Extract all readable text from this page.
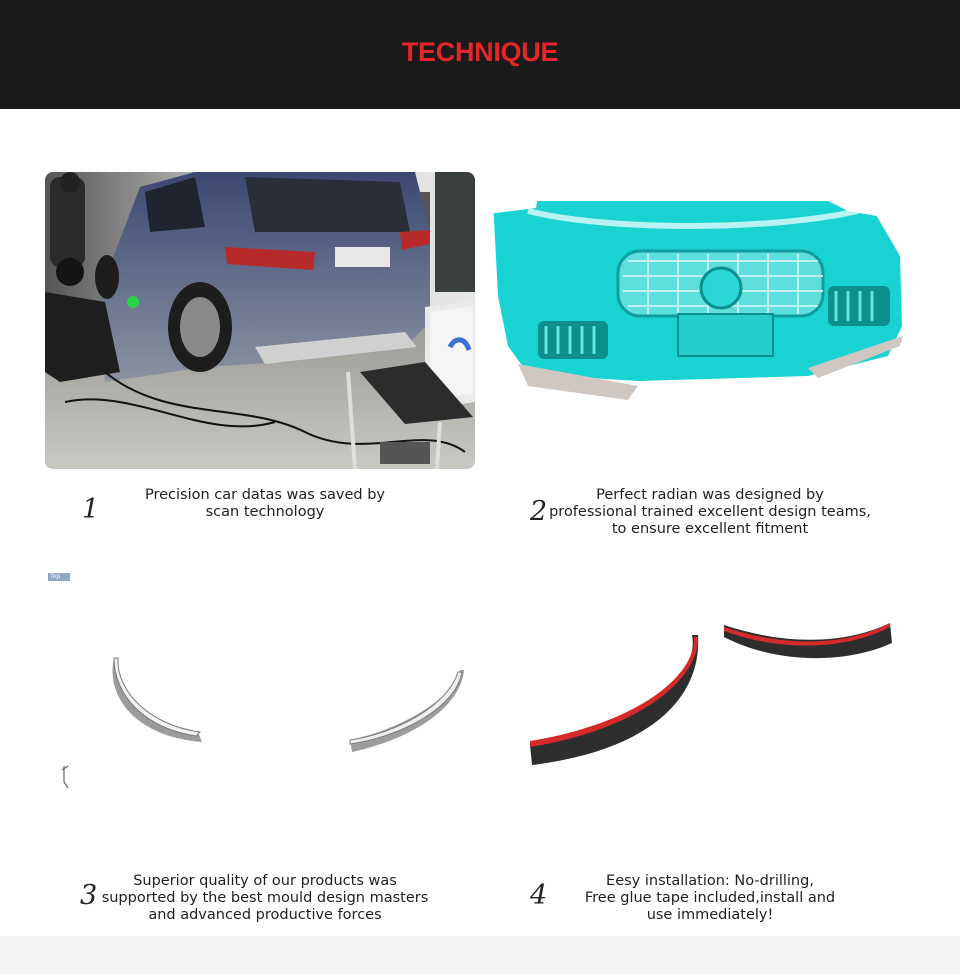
TECHNIQUE
Top
1	Precision car datas was saved by
scan technology	2
Perfect radian was designed by
professional trained excellent design teams,
to ensure excellent fitment
3	Superior quality of our products was
supported by the best mould design masters
and advanced productive forces
4	Eesy installation: No-drilling,
Free glue tape included,install and
use immediately!
